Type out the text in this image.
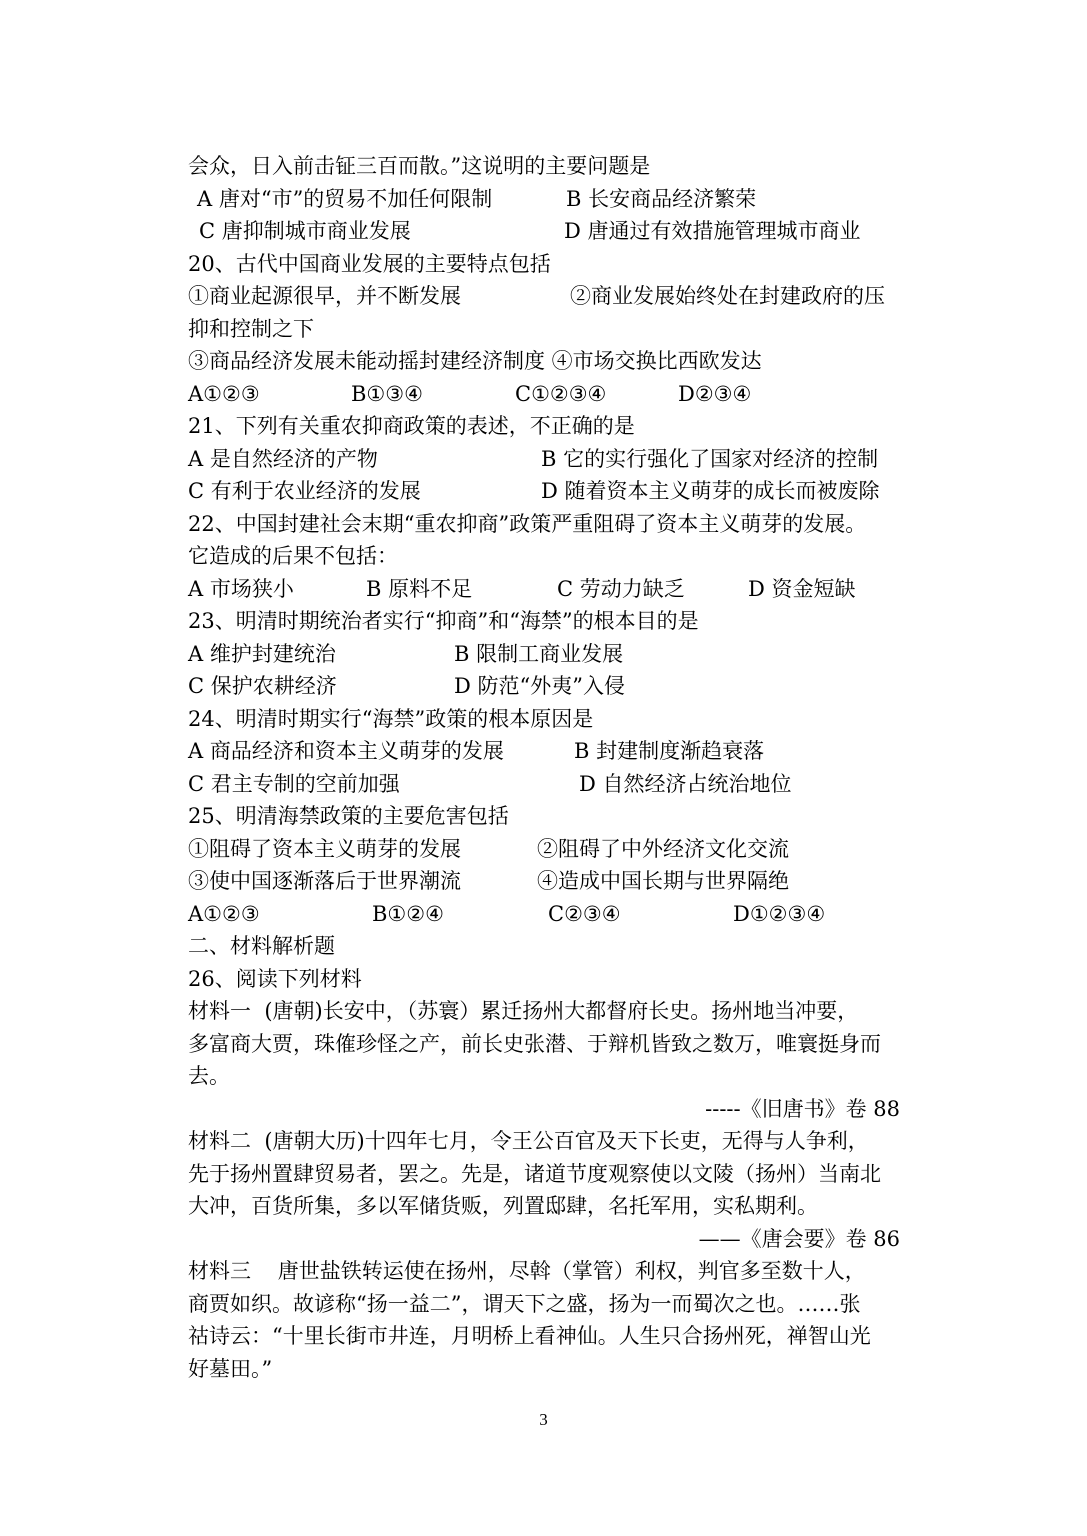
会众，日入前击钲三百而散。”这说明的主要问题是
A 唐对“市”的贸易不加任何限制	B 长安商品经济繁荣
C 唐抑制城市商业发展	D 唐通过有效措施管理城市商业
20、古代中国商业发展的主要特点包括
①商业起源很早，并不断发展	②商业发展始终处在封建政府的压
抑和控制之下
③商品经济发展未能动摇封建经济制度 ④市场交换比西欧发达
A①②③	B①③④	C①②③④	D②③④
21、下列有关重农抑商政策的表述，不正确的是
A 是自然经济的产物	B 它的实行强化了国家对经济的控制
C 有利于农业经济的发展	D 随着资本主义萌芽的成长而被废除
22、中国封建社会末期“重农抑商”政策严重阻碍了资本主义萌芽的发展。
它造成的后果不包括：
A 市场狭小	B 原料不足	C 劳动力缺乏	D 资金短缺
23、明清时期统治者实行“抑商”和“海禁”的根本目的是
A 维护封建统治	B 限制工商业发展
C 保护农耕经济	D 防范“外夷”入侵
24、明清时期实行“海禁”政策的根本原因是
A 商品经济和资本主义萌芽的发展	B 封建制度渐趋衰落
C 君主专制的空前加强	D 自然经济占统治地位
25、明清海禁政策的主要危害包括
①阻碍了资本主义萌芽的发展	②阻碍了中外经济文化交流
③使中国逐渐落后于世界潮流	④造成中国长期与世界隔绝
A①②③	B①②④	C②③④	D①②③④
二、材料解析题
26、阅读下列材料
材料一  (唐朝)长安中，（苏寰）累迁扬州大都督府长史。扬州地当冲要，
多富商大贾，珠傕珍怪之产，前长史张潜、于辩机皆致之数万，唯寰挺身而
去。
-----《旧唐书》卷 88
材料二  (唐朝大历)十四年七月，令王公百官及天下长吏，无得与人争利，
先于扬州置肆贸易者，罢之。先是，诸道节度观察使以文陵（扬州）当南北
大冲，百货所集，多以军储货贩，列置邸肆，名托军用，实私期利。
——《唐会要》卷 86
材料三    唐世盐铁转运使在扬州，尽斡（掌管）利权，判官多至数十人，
商贾如织。故谚称“扬一益二”，谓天下之盛，扬为一而蜀次之也。……张
祜诗云：“十里长街市井连，月明桥上看神仙。人生只合扬州死，禅智山光
好墓田。”
3
